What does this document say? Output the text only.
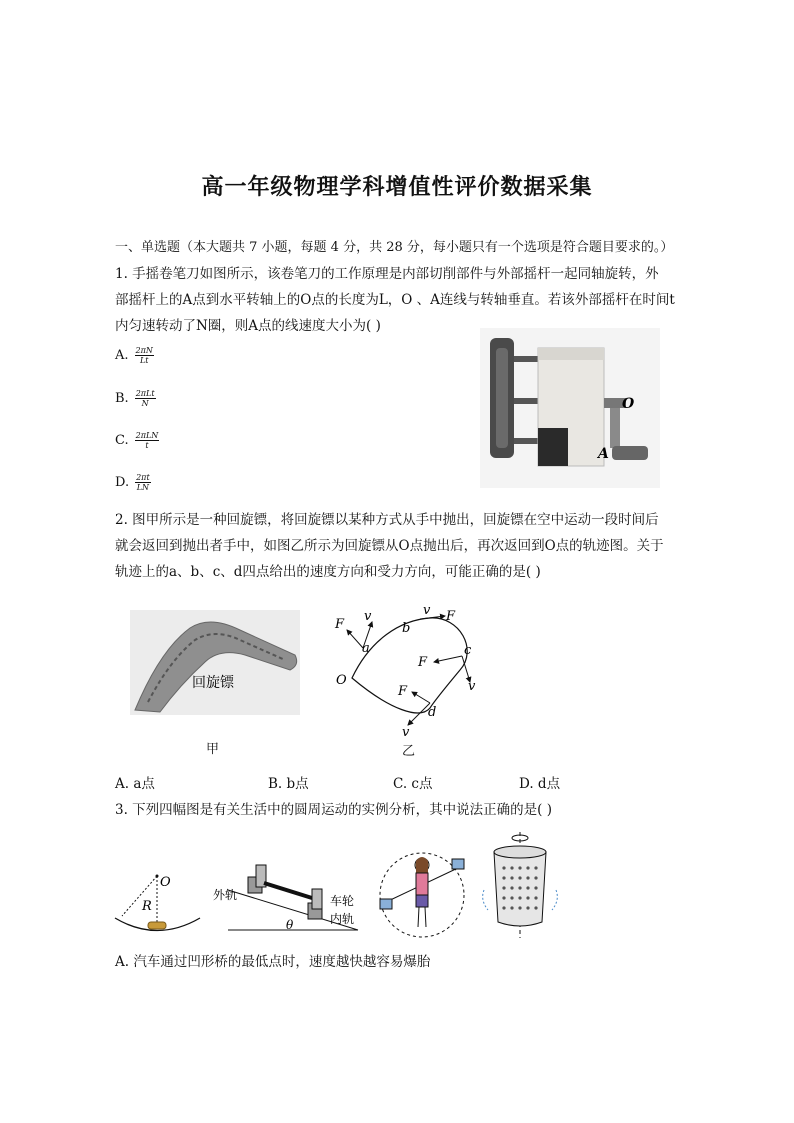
高一年级物理学科增值性评价数据采集
一、单选题（本大题共 7 小题，每题 4 分，共 28 分，每小题只有一个选项是符合题目要求的。）
1. 手摇卷笔刀如图所示，该卷笔刀的工作原理是内部切削部件与外部摇杆一起同轴旋转，外
部摇杆上的A点到水平转轴上的O点的长度为L，O 、A连线与转轴垂直。若该外部摇杆在时间t
内匀速转动了N圈，则A点的线速度大小为( )
A. $\frac{2\pi N}{Lt}$
B. $\frac{\text{2πLt}}{N}$
C. $\frac{\text{2πLN}}{t}$
D. $\frac{2\pi t}{LN}$
O
A
2. 图甲所示是一种回旋镖，将回旋镖以某种方式从手中抛出，回旋镖在空中运动一段时间后
就会返回到抛出者手中，如图乙所示为回旋镖从O点抛出后，再次返回到O点的轨迹图。关于
轨迹上的a、b、c、d四点给出的速度方向和受力方向，可能正确的是( )
回旋镖
甲
a
F
v
b
v F
c
F
v
d
F
v
O
乙
A. a点	B. b点	C. c点	D. d点
3. 下列四幅图是有关生活中的圆周运动的实例分析，其中说法正确的是( )
O
R
外轨	车轮
内轨
θ
A. 汽车通过凹形桥的最低点时，速度越快越容易爆胎
